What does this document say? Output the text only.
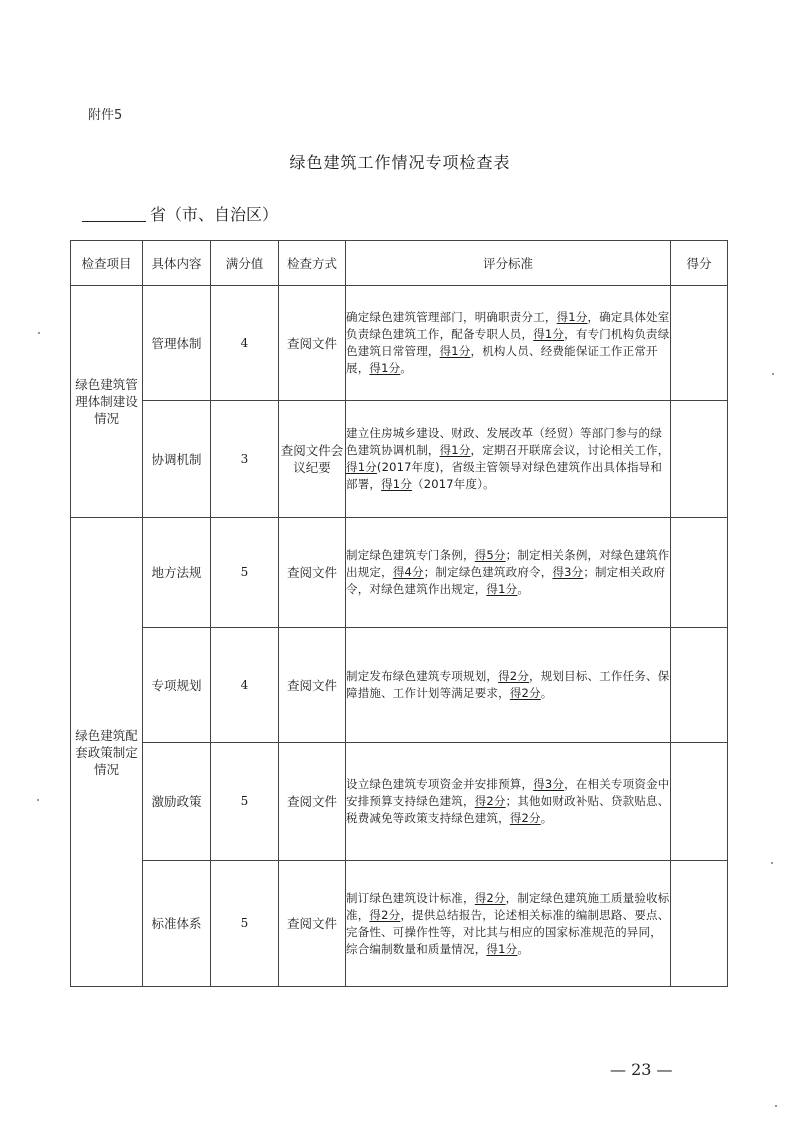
附件5
绿色建筑工作情况专项检查表
省（市、自治区）
检查项目	具体内容	满分值	检查方式	评分标准	得分
绿色建筑管理体制建设情况	管理体制	4	查阅文件	确定绿色建筑管理部门，明确职责分工，得1分，确定具体处室负责绿色建筑工作，配备专职人员，得1分，有专门机构负责绿色建筑日常管理，得1分，机构人员、经费能保证工作正常开展，得1分。	
	协调机制	3	查阅文件会议纪要	建立住房城乡建设、财政、发展改革（经贸）等部门参与的绿色建筑协调机制，得1分，定期召开联席会议，讨论相关工作，得1分(2017年度)，省级主管领导对绿色建筑作出具体指导和部署，得1分（2017年度）。	
绿色建筑配套政策制定情况	地方法规	5	查阅文件	制定绿色建筑专门条例，得5分；制定相关条例，对绿色建筑作出规定，得4分；制定绿色建筑政府令，得3分；制定相关政府令，对绿色建筑作出规定，得1分。	
	专项规划	4	查阅文件	制定发布绿色建筑专项规划，得2分，规划目标、工作任务、保障措施、工作计划等满足要求，得2分。	
	激励政策	5	查阅文件	设立绿色建筑专项资金并安排预算，得3分，在相关专项资金中安排预算支持绿色建筑，得2分；其他如财政补贴、贷款贴息、税费减免等政策支持绿色建筑，得2分。	
	标准体系	5	查阅文件	制订绿色建筑设计标准，得2分，制定绿色建筑施工质量验收标准，得2分，提供总结报告，论述相关标准的编制思路、要点、完备性、可操作性等，对比其与相应的国家标准规范的异同，综合编制数量和质量情况，得1分。	
— 23 —
